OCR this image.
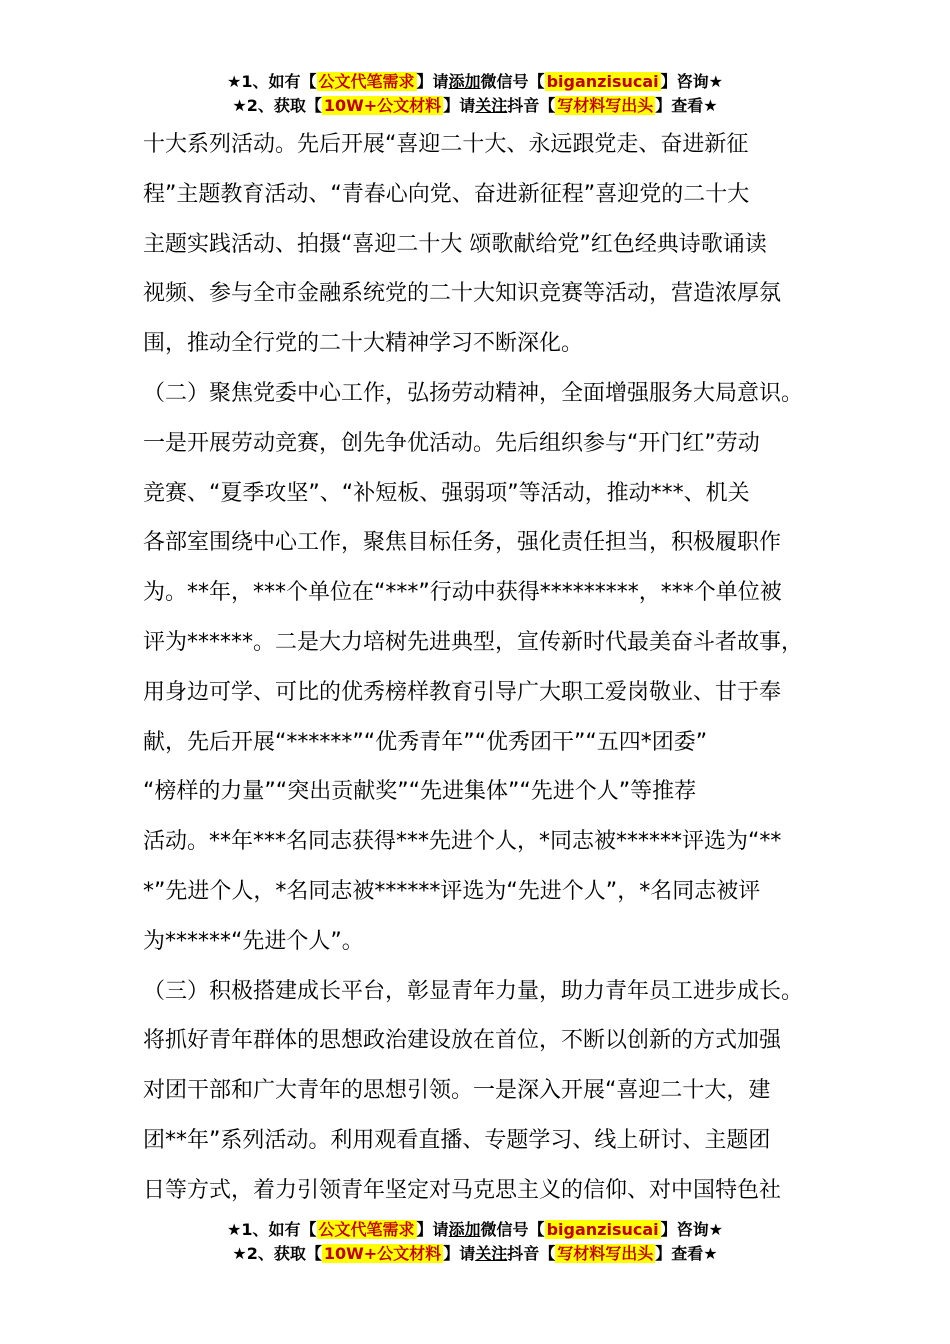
★1、如有【 公文代笔需求 】请添加微信号【 biganzisucai 】咨询★
★2、获取【 10W+公文材料 】请关注抖音【 写材料写出头 】查看★
十大系列活动。先后开展“喜迎二十大、永远跟党走、奋进新征
程”主题教育活动、“青春心向党、奋进新征程”喜迎党的二十大
主题实践活动、拍摄“喜迎二十大 颂歌献给党”红色经典诗歌诵读
视频、参与全市金融系统党的二十大知识竞赛等活动，营造浓厚氛
围，推动全行党的二十大精神学习不断深化。
（二）聚焦党委中心工作，弘扬劳动精神，全面增强服务大局意识。
一是开展劳动竞赛，创先争优活动。先后组织参与“开门红”劳动
竞赛、“夏季攻坚”、“补短板、强弱项”等活动，推动***、机关
各部室围绕中心工作，聚焦目标任务，强化责任担当，积极履职作
为。**年，***个单位在“***”行动中获得*********，***个单位被
评为******。二是大力培树先进典型，宣传新时代最美奋斗者故事，
用身边可学、可比的优秀榜样教育引导广大职工爱岗敬业、甘于奉
献，先后开展“******”“优秀青年”“优秀团干”“五四*团委”
“榜样的力量”“突出贡献奖”“先进集体”“先进个人”等推荐
活动。**年***名同志获得***先进个人，*同志被******评选为“**
*”先进个人，*名同志被******评选为“先进个人”，*名同志被评
为******“先进个人”。
（三）积极搭建成长平台，彰显青年力量，助力青年员工进步成长。
将抓好青年群体的思想政治建设放在首位，不断以创新的方式加强
对团干部和广大青年的思想引领。一是深入开展“喜迎二十大，建
团**年”系列活动。利用观看直播、专题学习、线上研讨、主题团
日等方式，着力引领青年坚定对马克思主义的信仰、对中国特色社
★1、如有【 公文代笔需求 】请添加微信号【 biganzisucai 】咨询★
★2、获取【 10W+公文材料 】请关注抖音【 写材料写出头 】查看★
